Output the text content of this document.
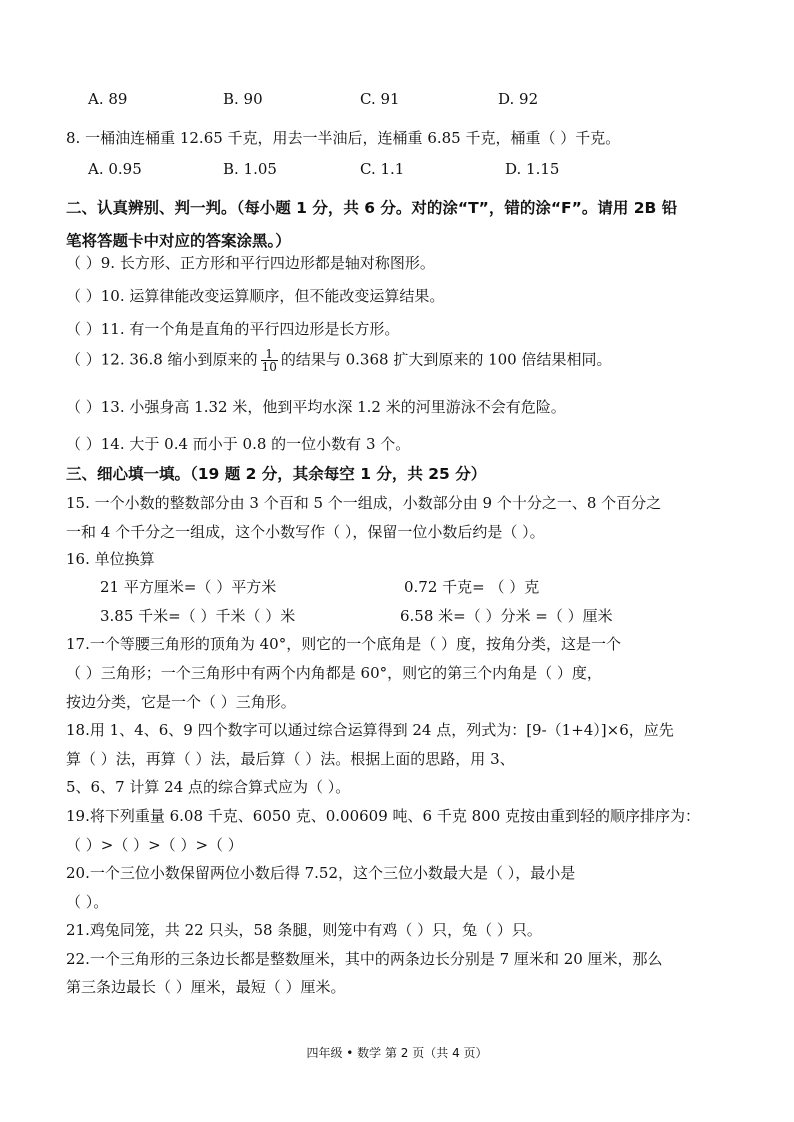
A. 89	B. 90	C. 91	D. 92
8. 一桶油连桶重 12.65 千克，用去一半油后，连桶重 6.85 千克，桶重（ ）千克。
A. 0.95	B. 1.05	C. 1.1	D. 1.15
二、认真辨别、判一判。（每小题 1 分，共 6 分。对的涂“T”，错的涂“F”。请用 2B 铅
笔将答题卡中对应的答案涂黑。）
（ ）9. 长方形、正方形和平行四边形都是轴对称图形。
（ ）10. 运算律能改变运算顺序，但不能改变运算结果。
（ ）11. 有一个角是直角的平行四边形是长方形。
（ ）12. 36.8 缩小到原来的 $\frac{1}{10}$ 的结果与 0.368 扩大到原来的 100 倍结果相同。
（ ）13. 小强身高 1.32 米，他到平均水深 1.2 米的河里游泳不会有危险。
（ ）14. 大于 0.4 而小于 0.8 的一位小数有 3 个。
三、细心填一填。（19 题 2 分，其余每空 1 分，共 25 分）
15. 一个小数的整数部分由 3 个百和 5 个一组成，小数部分由 9 个十分之一、8 个百分之
一和 4 个千分之一组成，这个小数写作（ ），保留一位小数后约是（ ）。
16. 单位换算
21 平方厘米=（ ）平方米	0.72 千克= （ ）克
3.85 千米=（ ）千米（ ）米	6.58 米=（ ）分米 =（ ）厘米
17.一个等腰三角形的顶角为 40°，则它的一个底角是（ ）度，按角分类，这是一个
（ ）三角形；一个三角形中有两个内角都是 60°，则它的第三个内角是（ ）度，
按边分类，它是一个（ ）三角形。
18.用 1、4、6、9 四个数字可以通过综合运算得到 24 点，列式为：[9-（1+4）]×6，应先
算（ ）法，再算（ ）法，最后算（ ）法。根据上面的思路，用 3、
5、6、7 计算 24 点的综合算式应为（ ）。
19.将下列重量 6.08 千克、6050 克、0.00609 吨、6 千克 800 克按由重到轻的顺序排序为：
（ ）>（ ）>（ ）>（ ）
20.一个三位小数保留两位小数后得 7.52，这个三位小数最大是（ ），最小是
（ ）。
21.鸡兔同笼，共 22 只头，58 条腿，则笼中有鸡（ ）只，兔（ ）只。
22.一个三角形的三条边长都是整数厘米，其中的两条边长分别是 7 厘米和 20 厘米，那么
第三条边最长（ ）厘米，最短（ ）厘米。
四年级 • 数学 第 2 页（共 4 页）
